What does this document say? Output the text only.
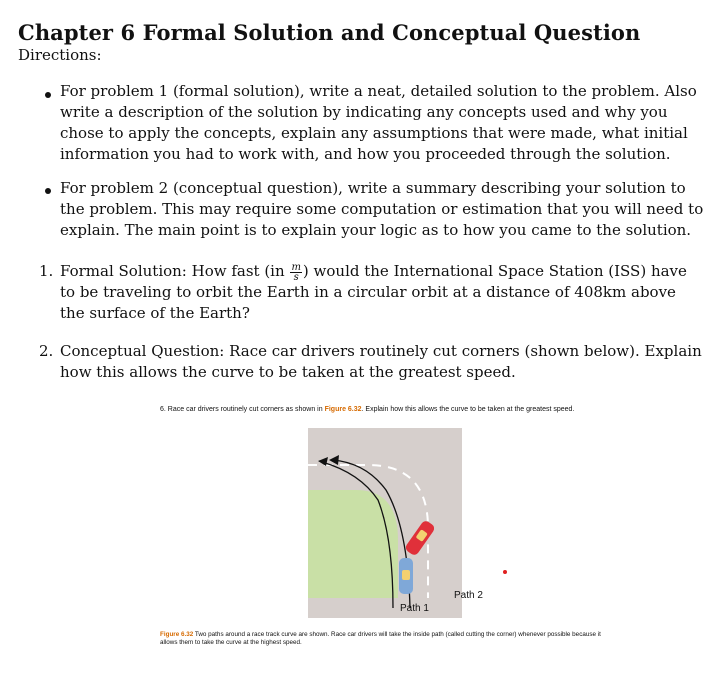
Chapter 6 Formal Solution and Conceptual Question
Directions:
For problem 1 (formal solution), write a neat, detailed solution to the problem. Also write a description of the solution by indicating any concepts used and why you chose to apply the concepts, explain any assumptions that were made, what initial information you had to work with, and how you proceeded through the solution.
For problem 2 (conceptual question), write a summary describing your solution to the problem. This may require some computation or estimation that you will need to explain. The main point is to explain your logic as to how you came to the solution.
1. Formal Solution: How fast ($in \frac{m}{s}$ ) would the International Space Station (ISS) have to be traveling to orbit the Earth in a circular orbit at a distance of 408km above the surface of the Earth?
2. Conceptual Question: Race car drivers routinely cut corners (shown below). Explain how this allows the curve to be taken at the greatest speed.
6. Race car drivers routinely cut corners as shown in Figure 6.32. Explain how this allows the curve to be taken at the greatest speed.
Path 2
Path 1
Figure 6.32 Two paths around a race track curve are shown. Race car drivers will take the inside path (called cutting the corner) whenever possible because it allows them to take the curve at the highest speed.
